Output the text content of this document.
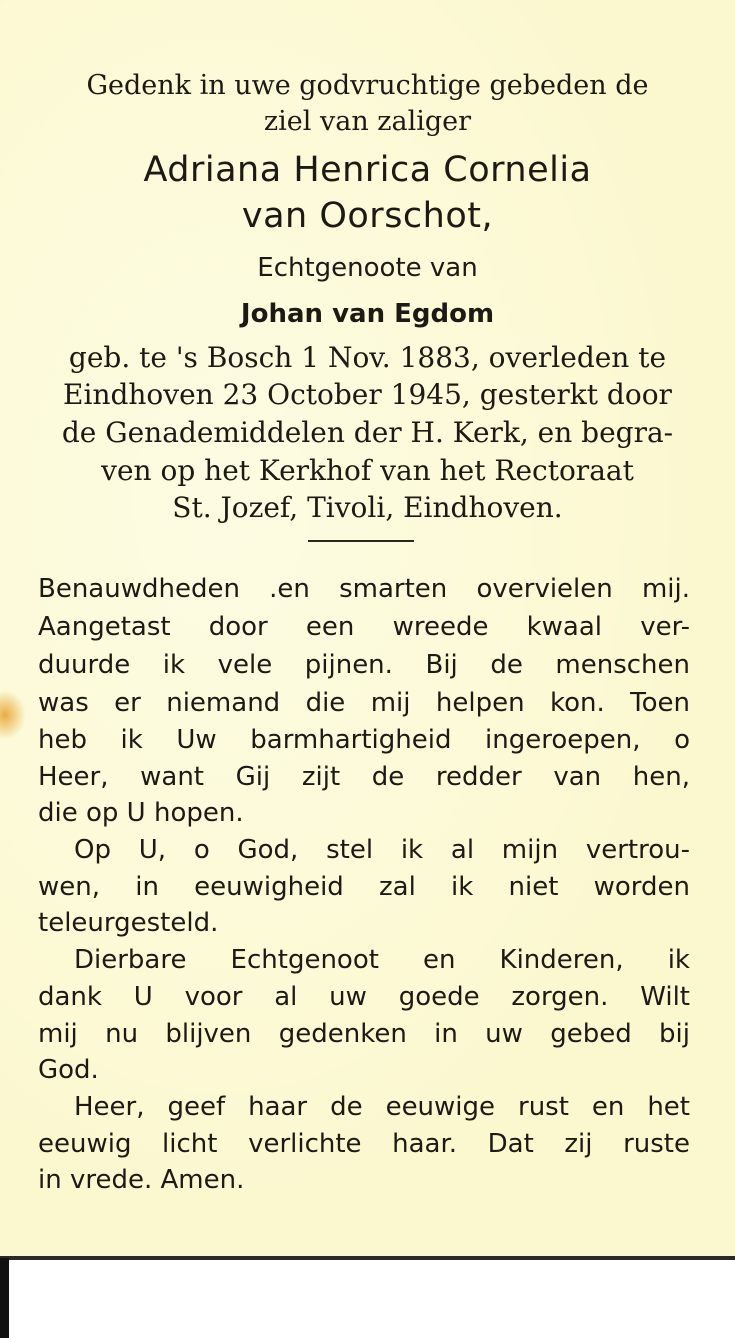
Gedenk in uwe godvruchtige gebeden de
ziel van zaliger
Adriana Henrica Cornelia
van Oorschot,
Echtgenoote van
Johan van Egdom
geb. te 's Bosch 1 Nov. 1883, overleden te
Eindhoven 23 October 1945, gesterkt door
de Genademiddelen der H. Kerk, en begra-
ven op het Kerkhof van het Rectoraat
St. Jozef, Tivoli, Eindhoven.
Benauwdheden .en smarten overvielen mij.
Aangetast door een wreede kwaal ver-
duurde ik vele pijnen. Bij de menschen
was er niemand die mij helpen kon. Toen
heb ik Uw barmhartigheid ingeroepen, o
Heer, want Gij zijt de redder van hen,
die op U hopen.
Op U, o God, stel ik al mijn vertrou-
wen, in eeuwigheid zal ik niet worden
teleurgesteld.
Dierbare Echtgenoot en Kinderen, ik
dank U voor al uw goede zorgen. Wilt
mij nu blijven gedenken in uw gebed bij
God.
Heer, geef haar de eeuwige rust en het
eeuwig licht verlichte haar. Dat zij ruste
in vrede. Amen.
